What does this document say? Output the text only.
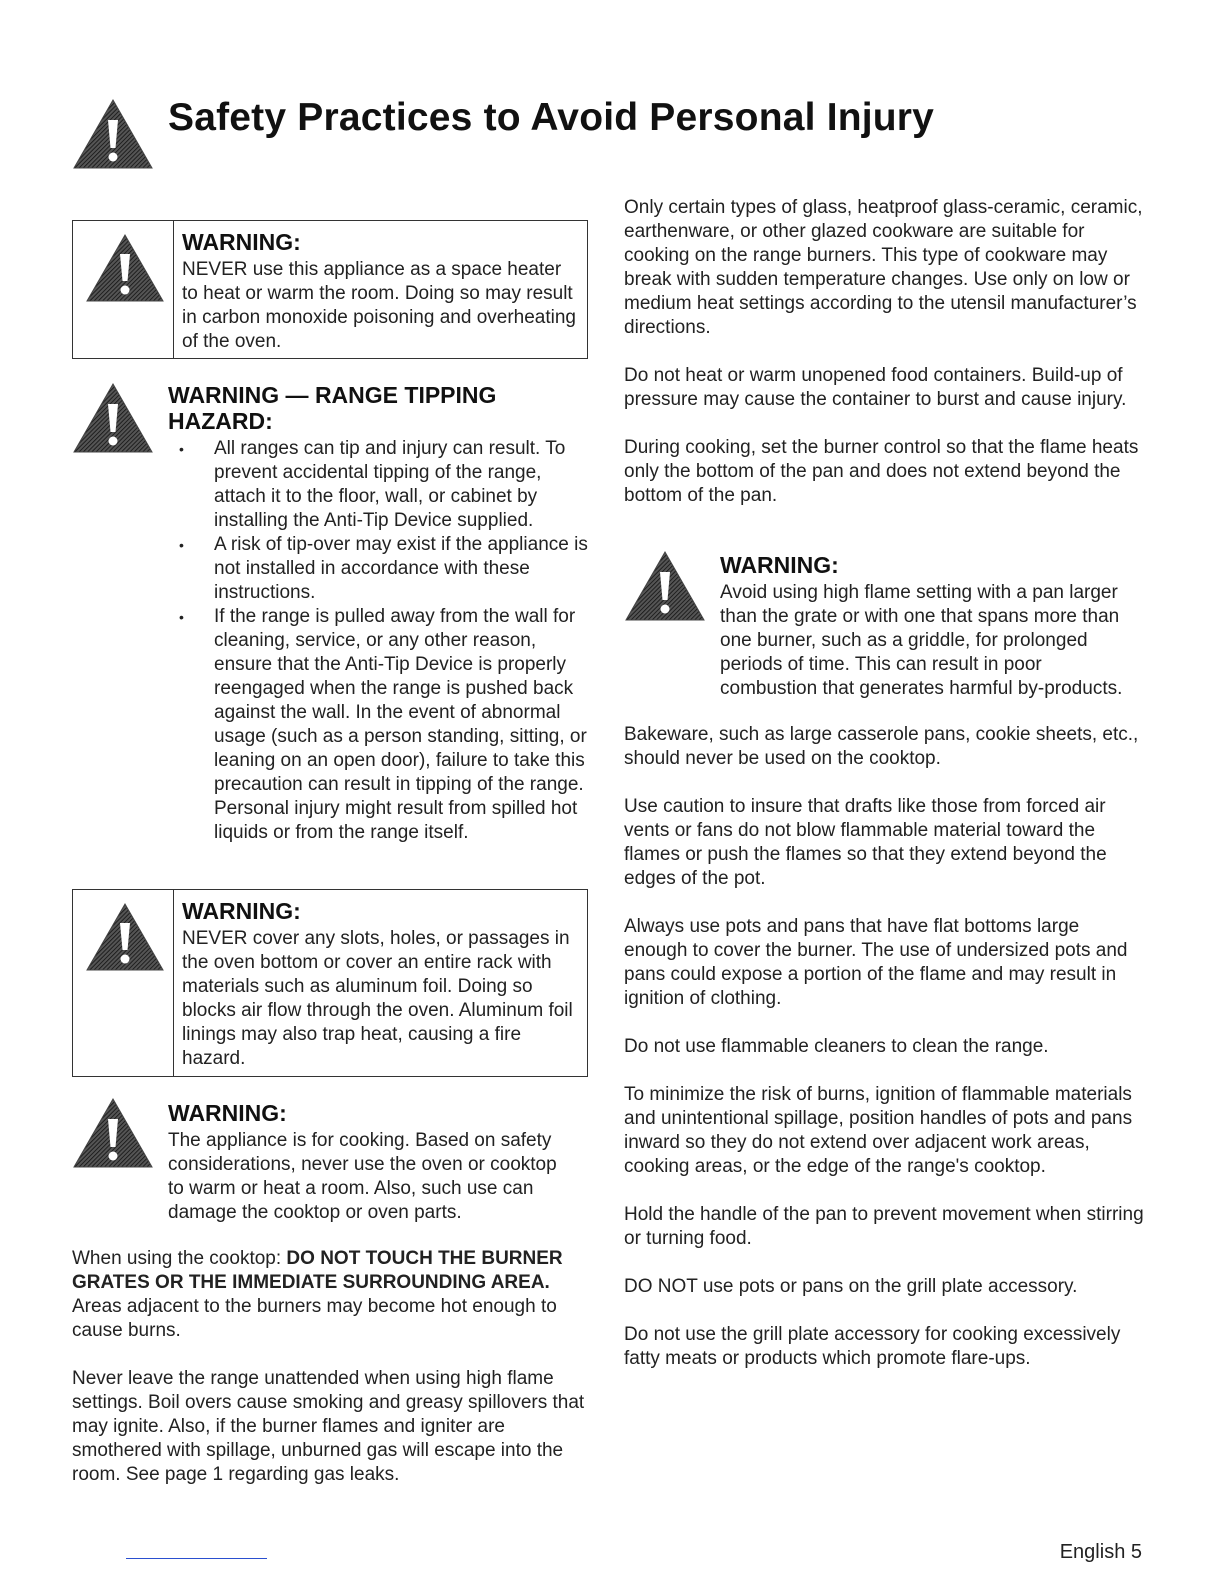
Safety Practices to Avoid Personal Injury
WARNING:
NEVER use this appliance as a space heater to heat or warm the room. Doing so may result in carbon monoxide poisoning and overheating of the oven.
WARNING — RANGE TIPPING HAZARD:
• All ranges can tip and injury can result. To prevent accidental tipping of the range, attach it to the floor, wall, or cabinet by installing the Anti-Tip Device supplied.
• A risk of tip-over may exist if the appliance is not installed in accordance with these instructions.
• If the range is pulled away from the wall for cleaning, service, or any other reason, ensure that the Anti-Tip Device is properly reengaged when the range is pushed back against the wall. In the event of abnormal usage (such as a person standing, sitting, or leaning on an open door), failure to take this precaution can result in tipping of the range. Personal injury might result from spilled hot liquids or from the range itself.
WARNING:
NEVER cover any slots, holes, or passages in the oven bottom or cover an entire rack with materials such as aluminum foil. Doing so blocks air flow through the oven. Aluminum foil linings may also trap heat, causing a fire hazard.
WARNING:
The appliance is for cooking. Based on safety considerations, never use the oven or cooktop to warm or heat a room. Also, such use can damage the cooktop or oven parts.

When using the cooktop: DO NOT TOUCH THE BURNER GRATES OR THE IMMEDIATE SURROUNDING AREA. Areas adjacent to the burners may become hot enough to cause burns.

Never leave the range unattended when using high flame settings. Boil overs cause smoking and greasy spillovers that may ignite. Also, if the burner flames and igniter are smothered with spillage, unburned gas will escape into the room. See page 1 regarding gas leaks.

Only certain types of glass, heatproof glass-ceramic, ceramic, earthenware, or other glazed cookware are suitable for cooking on the range burners. This type of cookware may break with sudden temperature changes. Use only on low or medium heat settings according to the utensil manufacturer’s directions.

Do not heat or warm unopened food containers. Build-up of pressure may cause the container to burst and cause injury.

During cooking, set the burner control so that the flame heats only the bottom of the pan and does not extend beyond the bottom of the pan.

WARNING:
Avoid using high flame setting with a pan larger than the grate or with one that spans more than one burner, such as a griddle, for prolonged periods of time. This can result in poor combustion that generates harmful by-products.

Bakeware, such as large casserole pans, cookie sheets, etc., should never be used on the cooktop.

Use caution to insure that drafts like those from forced air vents or fans do not blow flammable material toward the flames or push the flames so that they extend beyond the edges of the pot.

Always use pots and pans that have flat bottoms large enough to cover the burner. The use of undersized pots and pans could expose a portion of the flame and may result in ignition of clothing.

Do not use flammable cleaners to clean the range.

To minimize the risk of burns, ignition of flammable materials and unintentional spillage, position handles of pots and pans inward so they do not extend over adjacent work areas, cooking areas, or the edge of the range's cooktop.

Hold the handle of the pan to prevent movement when stirring or turning food.

DO NOT use pots or pans on the grill plate accessory.

Do not use the grill plate accessory for cooking excessively fatty meats or products which promote flare-ups.

English 5
